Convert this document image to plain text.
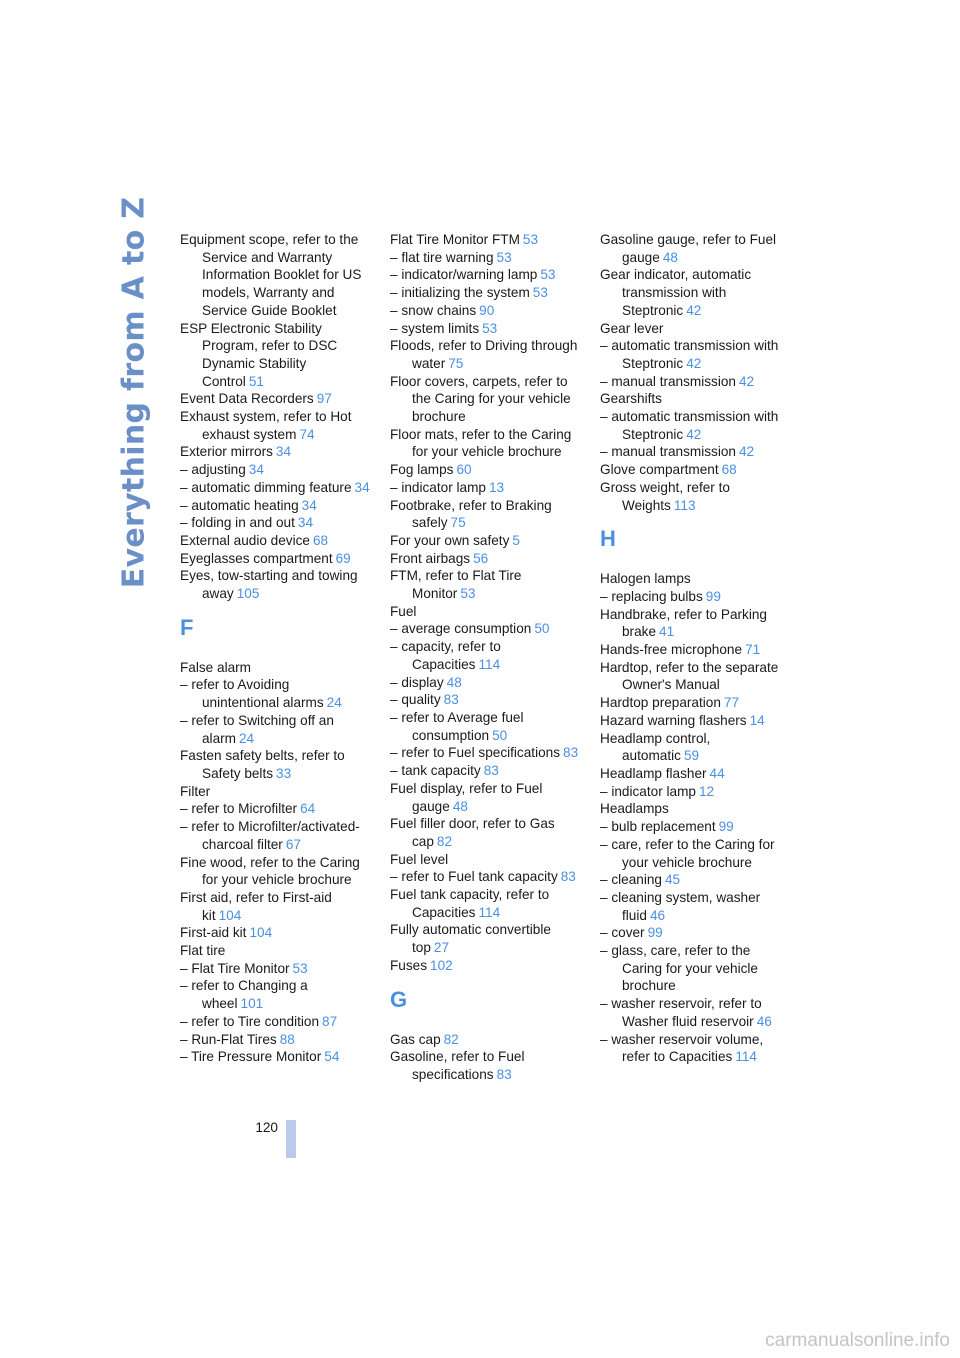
Everything from A to Z Equipment scope, refer to the Service and Warranty Information Booklet for US models, Warranty and Service Guide Booklet
ESP Electronic Stability Program, refer to DSC Dynamic Stability Control 51
Event Data Recorders 97
Exhaust system, refer to Hot exhaust system 74
Exterior mirrors 34
– adjusting 34
– automatic dimming feature 34
– automatic heating 34
– folding in and out 34
External audio device 68
Eyeglasses compartment 69
Eyes, tow-starting and towing away 105
F
False alarm
– refer to Avoiding unintentional alarms 24
– refer to Switching off an alarm 24
Fasten safety belts, refer to Safety belts 33
Filter
– refer to Microfilter 64
– refer to Microfilter/activated-charcoal filter 67
Fine wood, refer to the Caring for your vehicle brochure
First aid, refer to First-aid kit 104
First-aid kit 104
Flat tire
– Flat Tire Monitor 53
– refer to Changing a wheel 101
– refer to Tire condition 87
– Run-Flat Tires 88
– Tire Pressure Monitor 54
Flat Tire Monitor FTM 53
– flat tire warning 53
– indicator/warning lamp 53
– initializing the system 53
– snow chains 90
– system limits 53
Floods, refer to Driving through water 75
Floor covers, carpets, refer to the Caring for your vehicle brochure
Floor mats, refer to the Caring for your vehicle brochure
Fog lamps 60
– indicator lamp 13
Footbrake, refer to Braking safely 75
For your own safety 5
Front airbags 56
FTM, refer to Flat Tire Monitor 53
Fuel
– average consumption 50
– capacity, refer to Capacities 114
– display 48
– quality 83
– refer to Average fuel consumption 50
– refer to Fuel specifications 83
– tank capacity 83
Fuel display, refer to Fuel gauge 48
Fuel filler door, refer to Gas cap 82
Fuel level
– refer to Fuel tank capacity 83
Fuel tank capacity, refer to Capacities 114
Fully automatic convertible top 27
Fuses 102
G
Gas cap 82
Gasoline, refer to Fuel specifications 83
Gasoline gauge, refer to Fuel gauge 48
Gear indicator, automatic transmission with Steptronic 42
Gear lever
– automatic transmission with Steptronic 42
– manual transmission 42
Gearshifts
– automatic transmission with Steptronic 42
– manual transmission 42
Glove compartment 68
Gross weight, refer to Weights 113
H
Halogen lamps
– replacing bulbs 99
Handbrake, refer to Parking brake 41
Hands-free microphone 71
Hardtop, refer to the separate Owner's Manual
Hardtop preparation 77
Hazard warning flashers 14
Headlamp control, automatic 59
Headlamp flasher 44
– indicator lamp 12
Headlamps
– bulb replacement 99
– care, refer to the Caring for your vehicle brochure
– cleaning 45
– cleaning system, washer fluid 46
– cover 99
– glass, care, refer to the Caring for your vehicle brochure
– washer reservoir, refer to Washer fluid reservoir 46
– washer reservoir volume, refer to Capacities 114
120
carmanualsonline.info
